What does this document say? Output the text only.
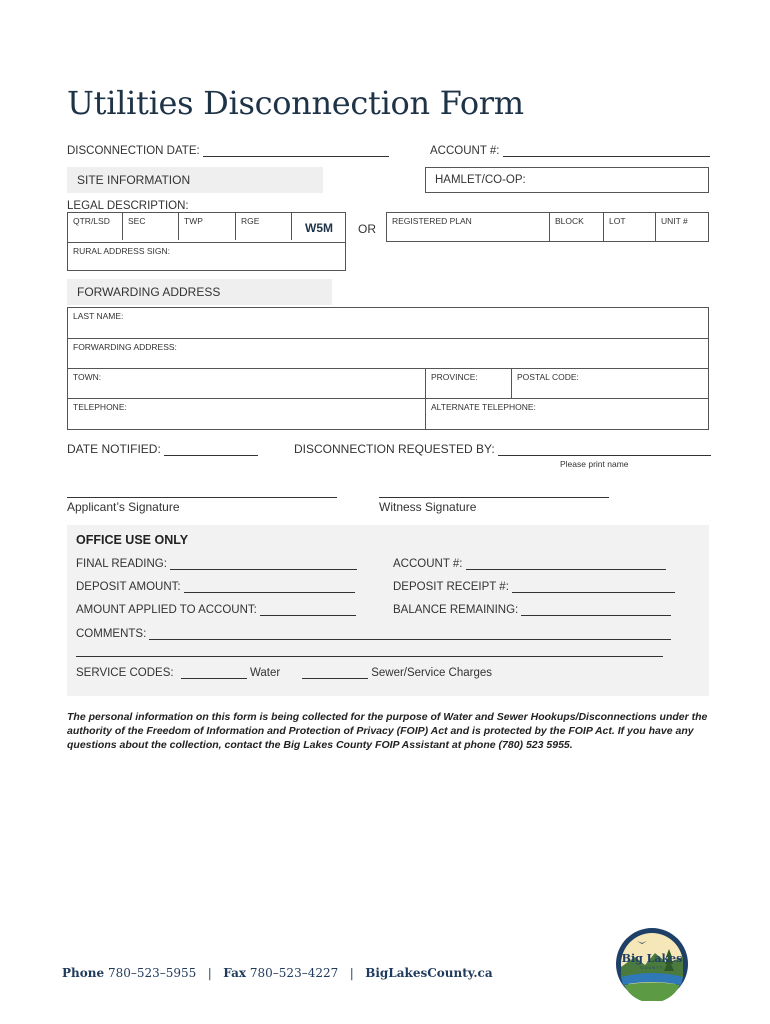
Utilities Disconnection Form
DISCONNECTION DATE:	ACCOUNT #:
SITE INFORMATION	HAMLET/CO-OP:
LEGAL DESCRIPTION:
QTR/LSD	SEC	TWP	RGE	W5M
RURAL ADDRESS SIGN:
OR
REGISTERED PLAN	BLOCK	LOT	UNIT #
FORWARDING ADDRESS
LAST NAME:
FORWARDING ADDRESS:
TOWN:	PROVINCE:	POSTAL CODE:
TELEPHONE:	ALTERNATE TELEPHONE:
DATE NOTIFIED:	DISCONNECTION REQUESTED BY:
Please print name
Applicant’s Signature	Witness Signature
OFFICE USE ONLY
FINAL READING:	ACCOUNT #:
DEPOSIT AMOUNT:	DEPOSIT RECEIPT #:
AMOUNT APPLIED TO ACCOUNT:	BALANCE REMAINING:
COMMENTS:
SERVICE CODES:	Water	Sewer/Service Charges
The personal information on this form is being collected for the purpose of Water and Sewer Hookups/Disconnections under the authority of the Freedom of Information and Protection of Privacy (FOIP) Act and is protected by the FOIP Act. If you have any questions about the collection, contact the Big Lakes County FOIP Assistant at phone (780) 523 5955.
Phone 780–523–5955 | Fax 780–523–4227 | BigLakesCounty.ca
Big Lakes
COUNTY
